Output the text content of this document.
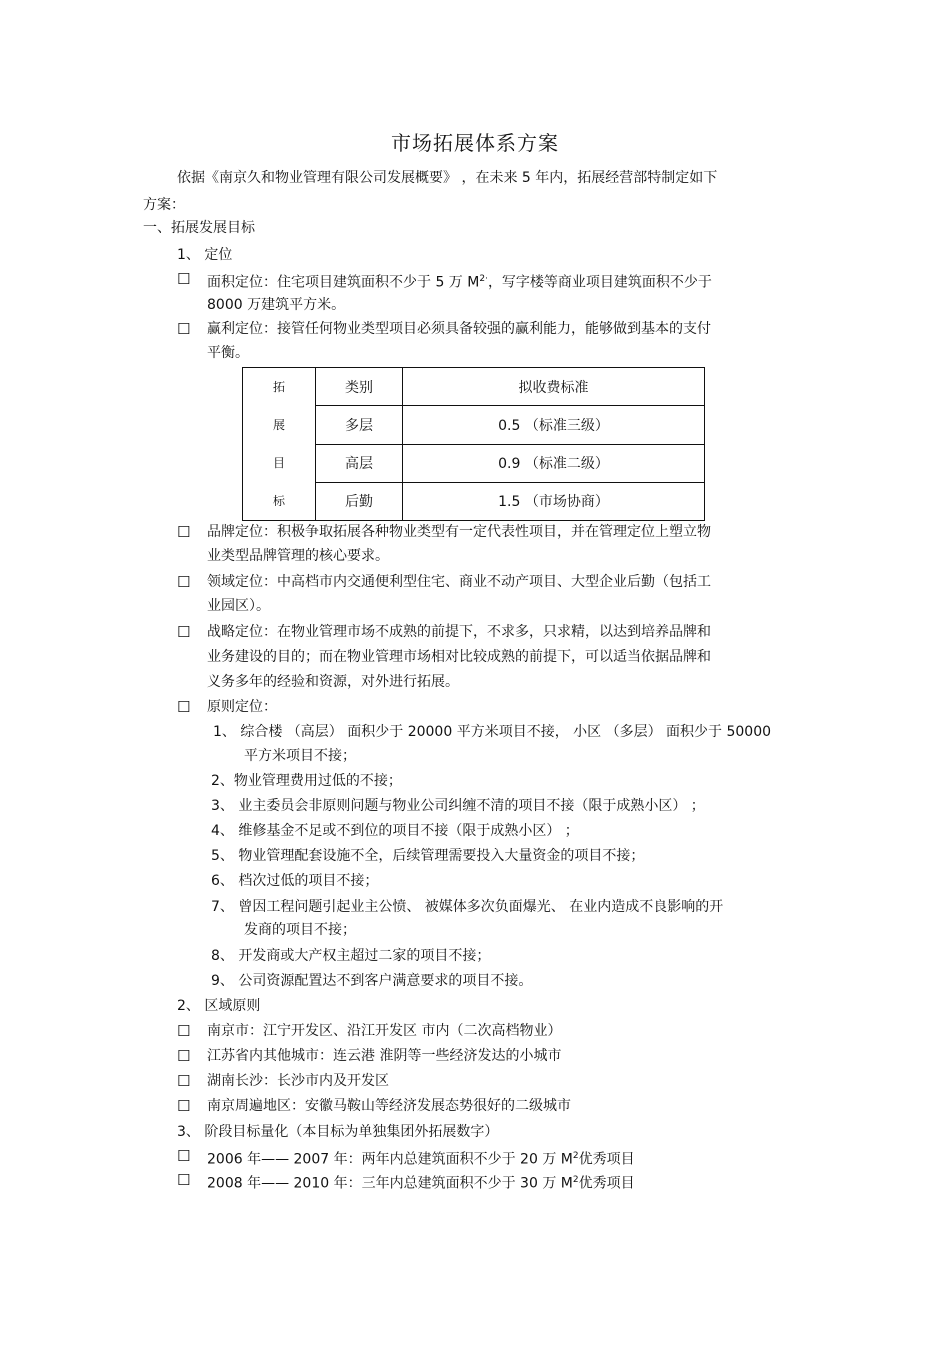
市场拓展体系方案
依据《南京久和物业管理有限公司发展概要》 ，在未来 5 年内，拓展经营部特制定如下
方案：
一、拓展发展目标
1、 定位
☐ 面积定位：住宅项目建筑面积不少于 5 万 $M^{2\cdot}$，写字楼等商业项目建筑面积不少于
8000 万建筑平方米。
☐ 赢利定位：接管任何物业类型项目必须具备较强的赢利能力，能够做到基本的支付
平衡。
拓
展
目
标	类别	拟收费标准
	多层	0.5 （标准三级）
	高层	0.9 （标准二级）
	后勤	1.5 （市场协商）
☐ 品牌定位：积极争取拓展各种物业类型有一定代表性项目，并在管理定位上塑立物
业类型品牌管理的核心要求。
☐ 领域定位：中高档市内交通便利型住宅、商业不动产项目、大型企业后勤（包括工
业园区）。
☐ 战略定位：在物业管理市场不成熟的前提下，不求多，只求精，以达到培养品牌和
业务建设的目的；而在物业管理市场相对比较成熟的前提下，可以适当依据品牌和
义务多年的经验和资源，对外进行拓展。
☐ 原则定位：
1、 综合楼 （高层） 面积少于 20000 平方米项目不接， 小区 （多层） 面积少于 50000
平方米项目不接；
2、物业管理费用过低的不接；
3、 业主委员会非原则问题与物业公司纠缠不清的项目不接（限于成熟小区） ；
4、 维修基金不足或不到位的项目不接（限于成熟小区） ；
5、 物业管理配套设施不全，后续管理需要投入大量资金的项目不接；
6、 档次过低的项目不接；
7、 曾因工程问题引起业主公愤、 被媒体多次负面爆光、 在业内造成不良影响的开
发商的项目不接；
8、 开发商或大产权主超过二家的项目不接；
9、 公司资源配置达不到客户满意要求的项目不接。
2、 区域原则
☐ 南京市：江宁开发区、沿江开发区 市内（二次高档物业）
☐ 江苏省内其他城市：连云港 淮阴等一些经济发达的小城市
☐ 湖南长沙：长沙市内及开发区
☐ 南京周遍地区：安徽马鞍山等经济发展态势很好的二级城市
3、 阶段目标量化（本目标为单独集团外拓展数字）
☐ 2006 年—— 2007 年：两年内总建筑面积不少于 20 万 $M^2$优秀项目
☐ 2008 年—— 2010 年：三年内总建筑面积不少于 30 万 $M^2$优秀项目
